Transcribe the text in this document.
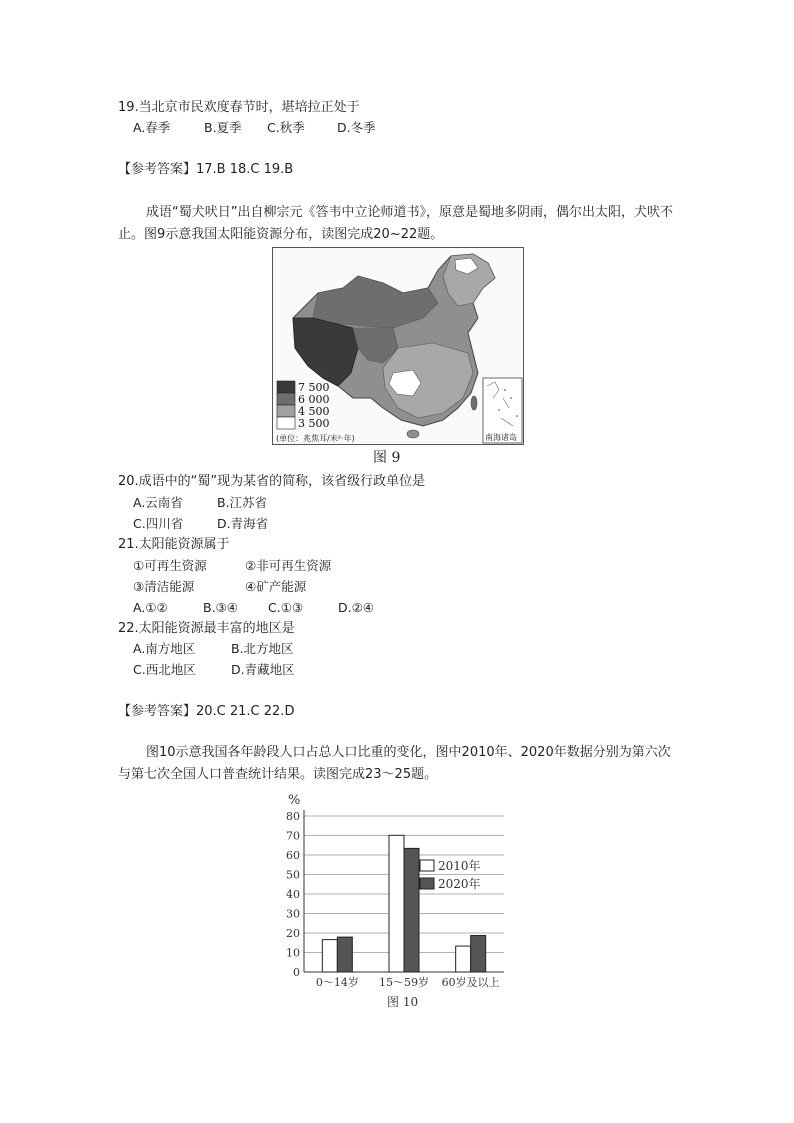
19.当北京市民欢度春节时，堪培拉正处于
A.春季	B.夏季 C.秋季	D.冬季
【参考答案】17.B 18.C 19.B
成语“蜀犬吠日”出自柳宗元《答韦中立论师道书》，原意是蜀地多阴雨，偶尔出太阳，犬吠不止。图9示意我国太阳能资源分布，读图完成20~22题。
7 500
6 000
4 500
3 500
(单位：兆焦耳/米²·年)	南海诸岛
图 9
20.成语中的“蜀”现为某省的简称，该省级行政单位是
A.云南省	B.江苏省
C.四川省	D.青海省
21.太阳能资源属于
①可再生资源	②非可再生资源
③清洁能源	④矿产能源
A.①②	B.③④ C.①③	D.②④
22.太阳能资源最丰富的地区是
A.南方地区	B.北方地区
C.西北地区	D.青藏地区
【参考答案】20.C 21.C 22.D
图10示意我国各年龄段人口占总人口比重的变化，图中2010年、2020年数据分别为第六次与第七次全国人口普查统计结果。读图完成23～25题。
%
0
10
20
30
40
50
60
70
80
0～14岁 15～59岁 60岁及以上
2010年
2020年
图 10
